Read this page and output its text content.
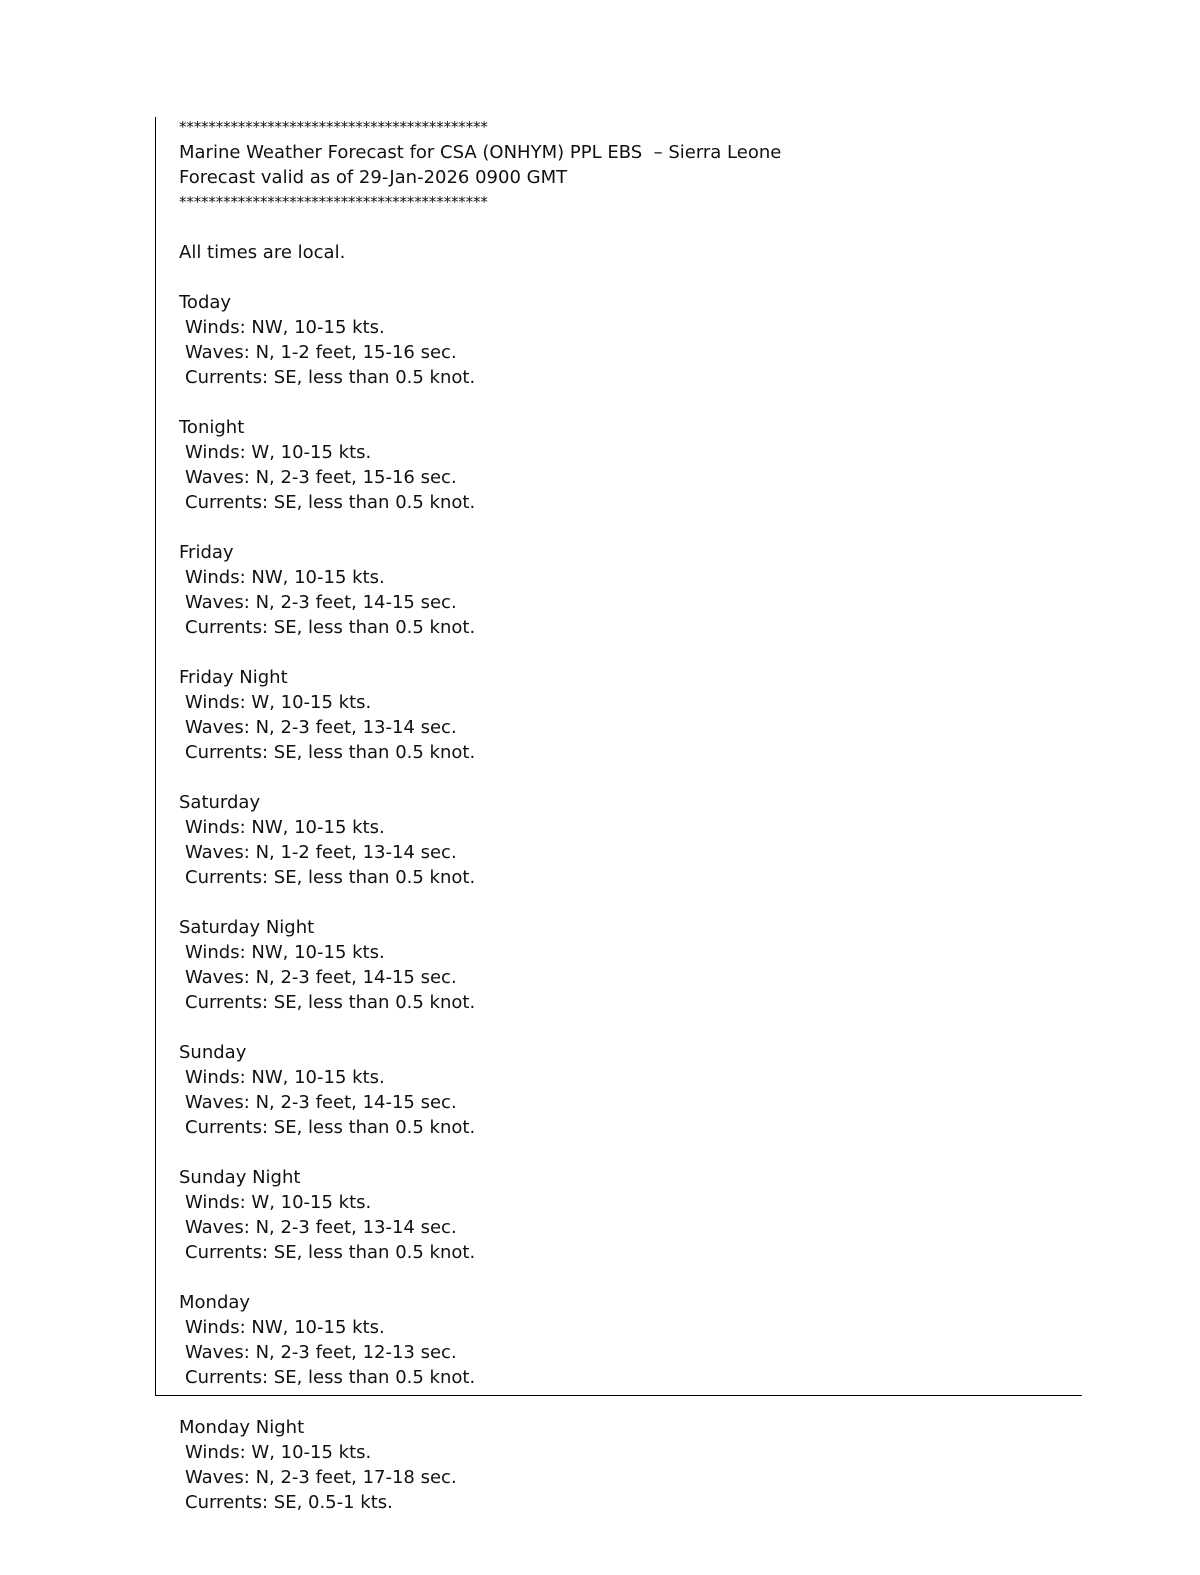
******************************************
Marine Weather Forecast for CSA (ONHYM) PPL EBS  – Sierra Leone
Forecast valid as of 29-Jan-2026 0900 GMT
******************************************
All times are local.
Today
Winds: NW, 10-15 kts.
Waves: N, 1-2 feet, 15-16 sec.
Currents: SE, less than 0.5 knot.
Tonight
Winds: W, 10-15 kts.
Waves: N, 2-3 feet, 15-16 sec.
Currents: SE, less than 0.5 knot.
Friday
Winds: NW, 10-15 kts.
Waves: N, 2-3 feet, 14-15 sec.
Currents: SE, less than 0.5 knot.
Friday Night
Winds: W, 10-15 kts.
Waves: N, 2-3 feet, 13-14 sec.
Currents: SE, less than 0.5 knot.
Saturday
Winds: NW, 10-15 kts.
Waves: N, 1-2 feet, 13-14 sec.
Currents: SE, less than 0.5 knot.
Saturday Night
Winds: NW, 10-15 kts.
Waves: N, 2-3 feet, 14-15 sec.
Currents: SE, less than 0.5 knot.
Sunday
Winds: NW, 10-15 kts.
Waves: N, 2-3 feet, 14-15 sec.
Currents: SE, less than 0.5 knot.
Sunday Night
Winds: W, 10-15 kts.
Waves: N, 2-3 feet, 13-14 sec.
Currents: SE, less than 0.5 knot.
Monday
Winds: NW, 10-15 kts.
Waves: N, 2-3 feet, 12-13 sec.
Currents: SE, less than 0.5 knot.
Monday Night
Winds: W, 10-15 kts.
Waves: N, 2-3 feet, 17-18 sec.
Currents: SE, 0.5-1 kts.
